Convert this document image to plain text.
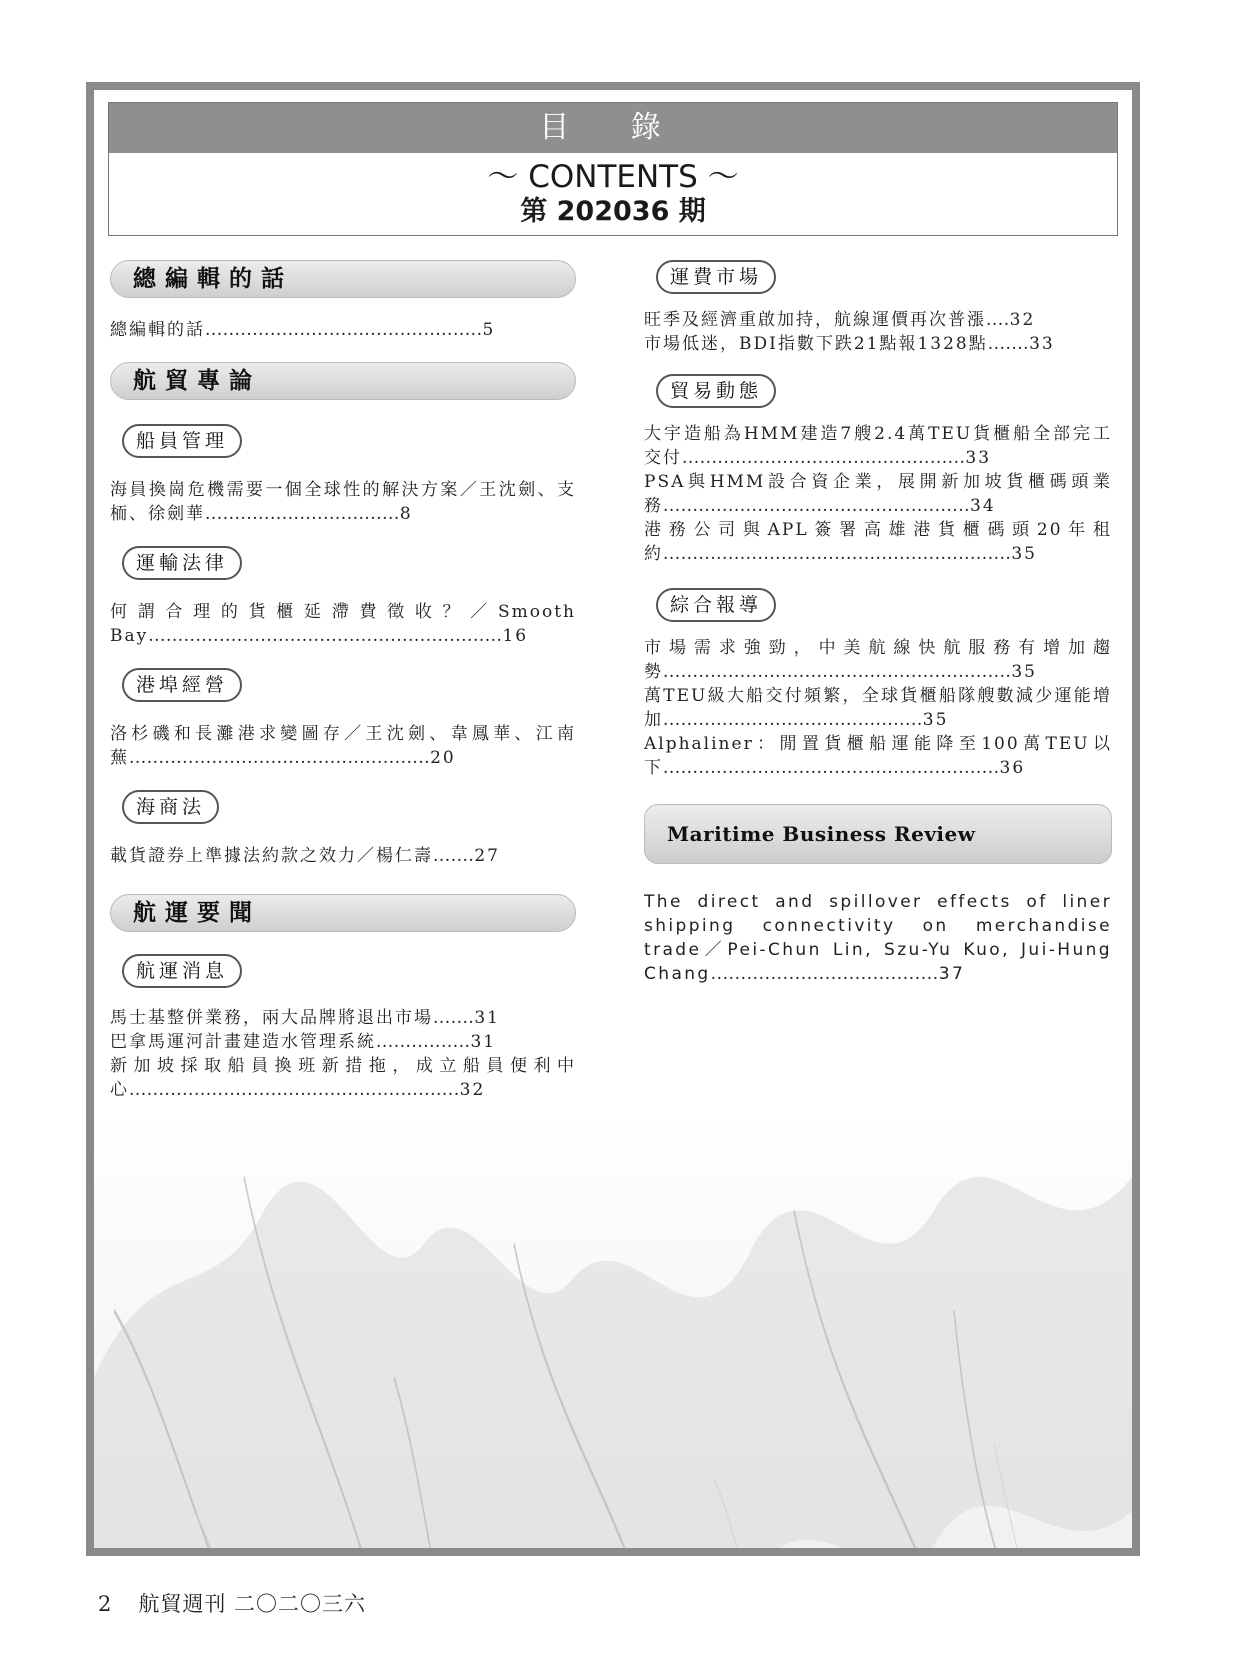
目 錄
～ CONTENTS ～
第 202036 期
總編輯的話
總編輯的話...............................................5
航貿專論
船員管理
海員換崗危機需要一個全球性的解決方案／王沈劍、支栭、徐劍華.................................8
運輸法律
何謂合理的貨櫃延滯費徵收？／Smooth Bay............................................................16
港埠經營
洛杉磯和長灘港求變圖存／王沈劍、韋鳳華、江南蕪...................................................20
海商法
載貨證券上準據法約款之效力／楊仁壽.......27
航運要聞
航運消息
馬士基整併業務，兩大品牌將退出市場.......31
巴拿馬運河計畫建造水管理系統................31
新加坡採取船員換班新措拖，成立船員便利中心........................................................32
運費市場
旺季及經濟重啟加持，航線運價再次普漲....32
市場低迷，BDI指數下跌21點報1328點.......33
貿易動態
大宇造船為HMM建造7艘2.4萬TEU貨櫃船全部完工交付................................................33
PSA與HMM設合資企業，展開新加坡貨櫃碼頭業務....................................................34
港務公司與APL簽署高雄港貨櫃碼頭20年租約...........................................................35
綜合報導
市場需求強勁，中美航線快航服務有增加趨勢...........................................................35
萬TEU級大船交付頻繁，全球貨櫃船隊艘數減少運能增加............................................35
Alphaliner：閒置貨櫃船運能降至100萬TEU以下.........................................................36
Maritime Business Review
The direct and spillover effects of liner shipping connectivity on merchandise trade／Pei-Chun Lin, Szu-Yu Kuo, Jui-Hung Chang......................................37
2 航貿週刊 二〇二〇三六
